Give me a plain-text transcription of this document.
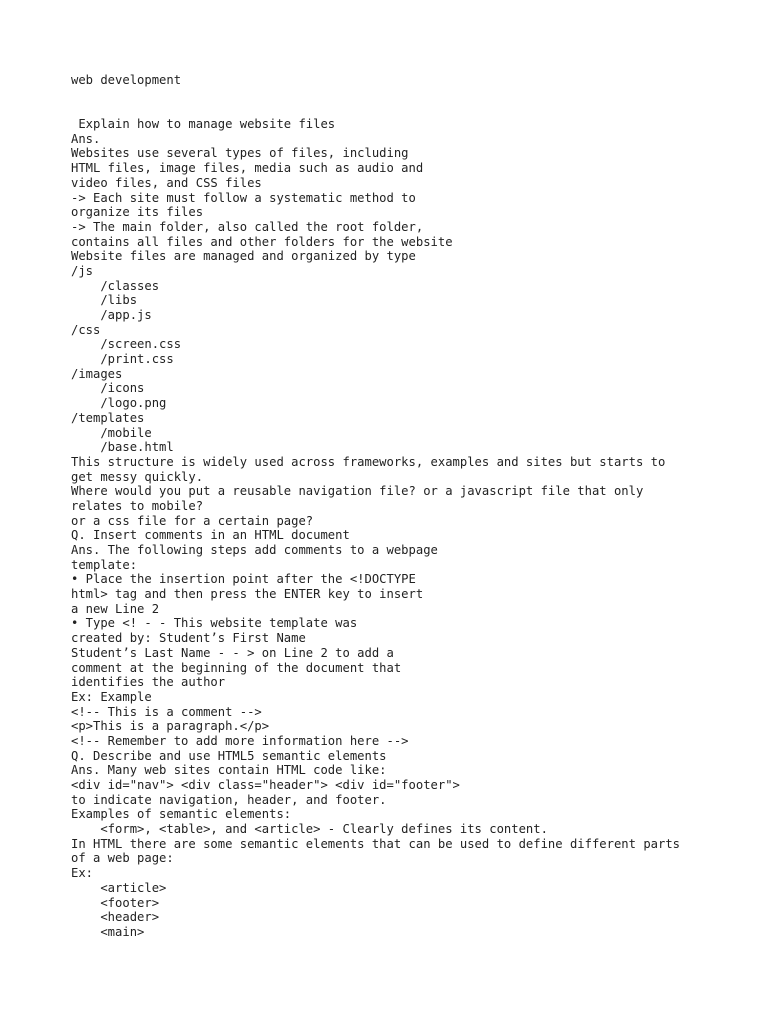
web development
Explain how to manage website files
Ans.
Websites use several types of files, including
HTML files, image files, media such as audio and
video files, and CSS files
-> Each site must follow a systematic method to
organize its files
-> The main folder, also called the root folder,
contains all files and other folders for the website
Website files are managed and organized by type
/js
/classes
/libs
/app.js
/css
/screen.css
/print.css
/images
/icons
/logo.png
/templates
/mobile
/base.html
This structure is widely used across frameworks, examples and sites but starts to
get messy quickly.
Where would you put a reusable navigation file? or a javascript file that only
relates to mobile?
or a css file for a certain page?
Q. Insert comments in an HTML document
Ans. The following steps add comments to a webpage
template:
• Place the insertion point after the <!DOCTYPE
html> tag and then press the ENTER key to insert
a new Line 2
• Type <! - - This website template was
created by: Student’s First Name
Student’s Last Name - - > on Line 2 to add a
comment at the beginning of the document that
identifies the author
Ex: Example
<!-- This is a comment -->
<p>This is a paragraph.</p>
<!-- Remember to add more information here -->
Q. Describe and use HTML5 semantic elements
Ans. Many web sites contain HTML code like:
<div id="nav"> <div class="header"> <div id="footer">
to indicate navigation, header, and footer.
Examples of semantic elements:
<form>, <table>, and <article> - Clearly defines its content.
In HTML there are some semantic elements that can be used to define different parts
of a web page:
Ex:
<article>
<footer>
<header>
<main>
